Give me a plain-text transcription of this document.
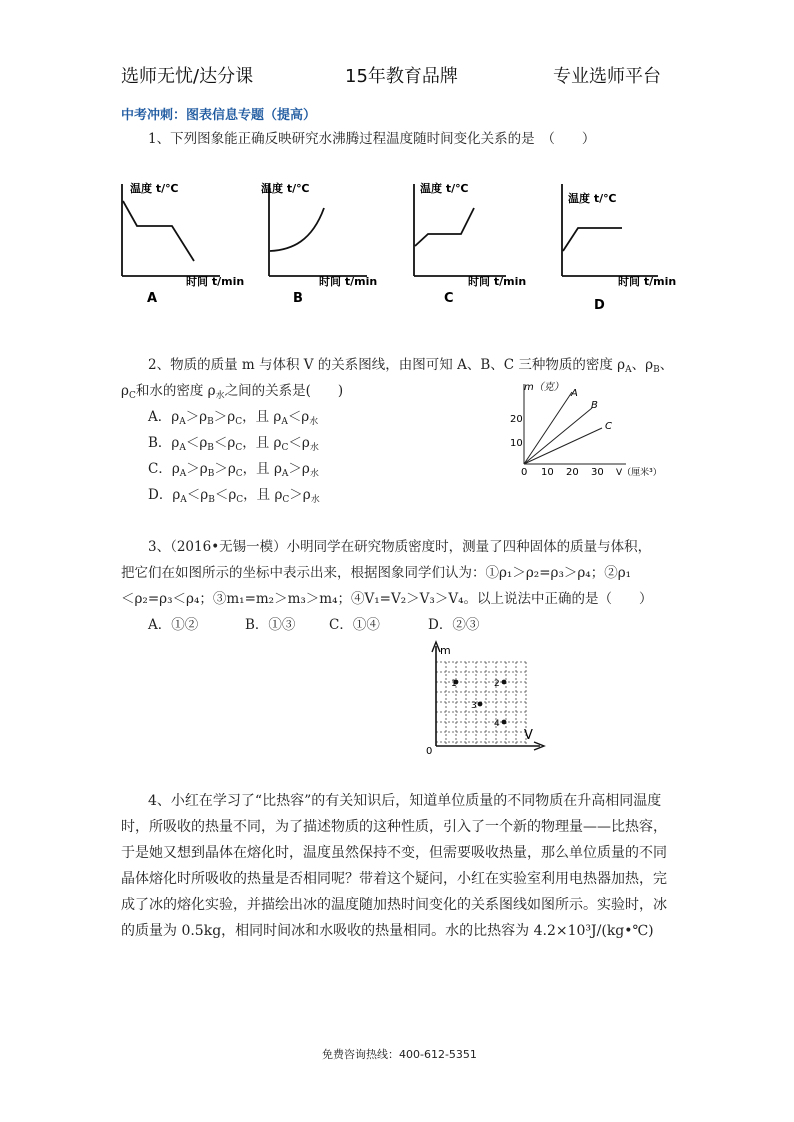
选师无忧/达分课	15年教育品牌	专业选师平台
中考冲刺：图表信息专题（提高）
1、下列图象能正确反映研究水沸腾过程温度随时间变化关系的是　（　　）
温度 t/℃
时间 t/min
A
温度 t/℃
时间 t/min
B
温度 t/℃
时间 t/min
C
温度 t/℃
时间 t/min
D
2、物质的质量 m 与体积 V 的关系图线，由图可知 A、B、C 三种物质的密度 $\rho_A$、$\rho_B$、
$\rho_C$和水的密度 $\rho_水$之间的关系是(　　)
A．$\rho_A>\rho_B>\rho_C$，且 $\rho_A<\rho_水$
B．$\rho_A<\rho_B<\rho_C$，且 $\rho_C<\rho_水$
C．$\rho_A>\rho_B>\rho_C$，且 $\rho_A>\rho_水$
D．$\rho_A<\rho_B<\rho_C$，且 $\rho_C>\rho_水$
m（克）
20
10
0 10 20 30 V（厘米³）
A
B
C
3、（2016•无锡一模）小明同学在研究物质密度时，测量了四种固体的质量与体积，
把它们在如图所示的坐标中表示出来，根据图象同学们认为：①ρ₁＞ρ₂=ρ₃＞ρ₄；②ρ₁
＜ρ₂=ρ₃＜ρ₄；③m₁=m₂＞m₃＞m₄；④V₁=V₂＞V₃＞V₄。以上说法中正确的是（　　）
A．①②	B．①③ C．①④	D．②③
m
V
0
1	2
3
4
4、小红在学习了“比热容”的有关知识后，知道单位质量的不同物质在升高相同温度时，所吸收的热量不同，为了描述物质的这种性质，引入了一个新的物理量——比热容，于是她又想到晶体在熔化时，温度虽然保持不变，但需要吸收热量，那么单位质量的不同晶体熔化时所吸收的热量是否相同呢？带着这个疑问，小红在实验室利用电热器加热，完成了冰的熔化实验，并描绘出冰的温度随加热时间变化的关系图线如图所示。实验时，冰的质量为 0.5kg，相同时间冰和水吸收的热量相同。水的比热容为 4.2×10³J/(kg•℃)
免费咨询热线：400-612-5351
